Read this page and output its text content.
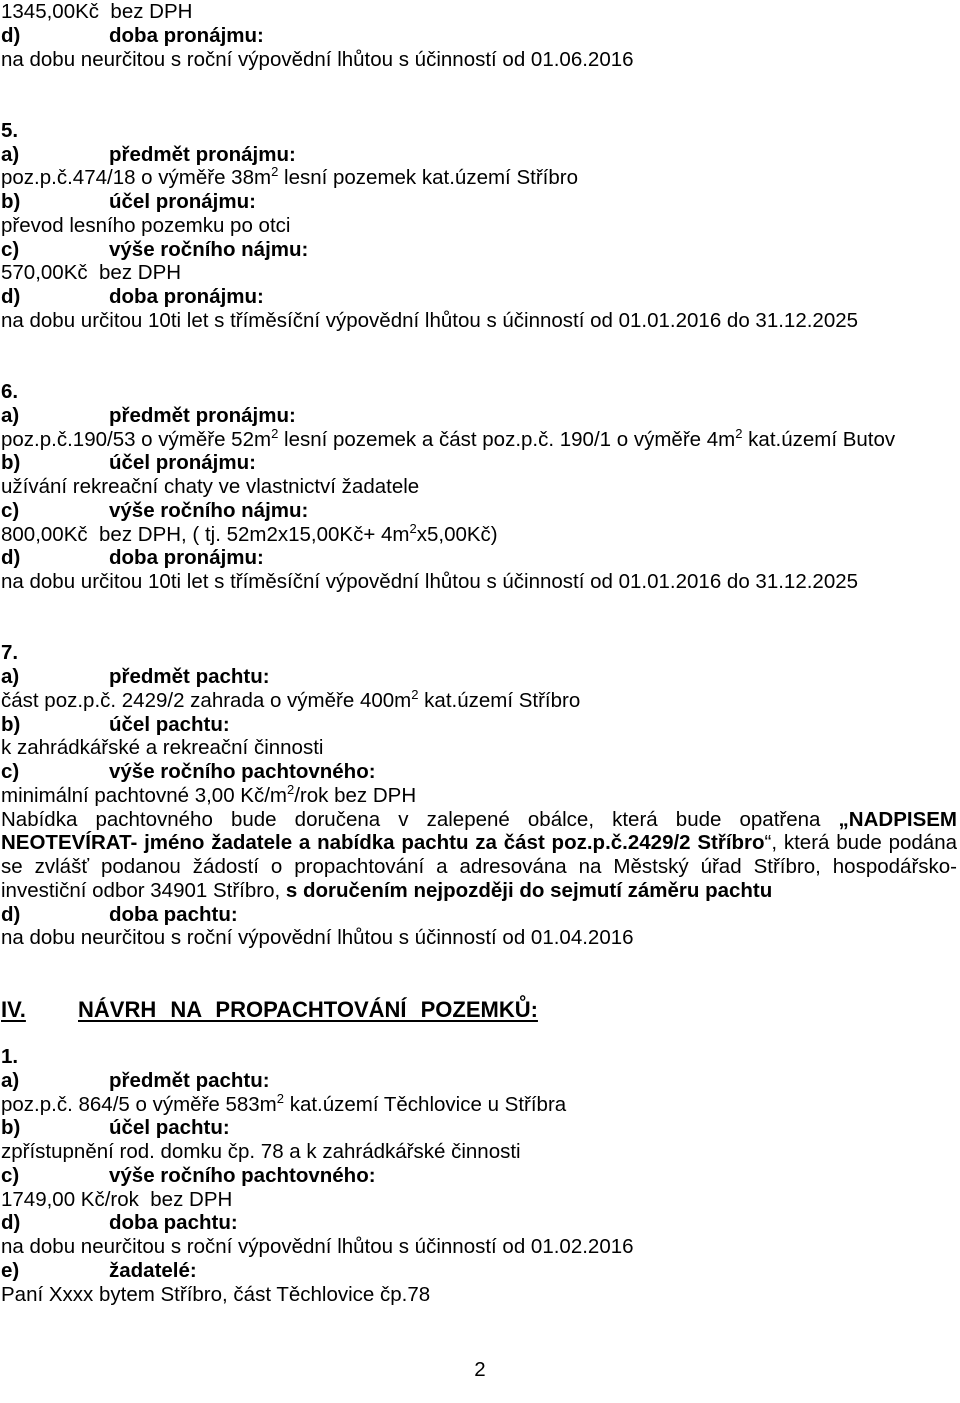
1345,00Kč  bez DPH
d)	doba pronájmu:
na dobu neurčitou s roční výpovědní lhůtou s účinností od 01.06.2016
5.
a)	předmět pronájmu:
poz.p.č.474/18 o výměře $38m^2$ lesní pozemek kat.území Stříbro
b)	účel pronájmu:
převod lesního pozemku po otci
c)	výše ročního nájmu:
570,00Kč  bez DPH
d)	doba pronájmu:
na dobu určitou 10ti let s tříměsíční výpovědní lhůtou s účinností od 01.01.2016 do 31.12.2025
6.
a)	předmět pronájmu:
poz.p.č.190/53 o výměře $52m^2$ lesní pozemek a část poz.p.č. 190/1 o výměře $4m^2$ kat.území Butov
b)	účel pronájmu:
užívání rekreační chaty ve vlastnictví žadatele
c)	výše ročního nájmu:
800,00Kč  bez DPH, ( tj. 52m2x15,00Kč+ $4m^2x5,00Kč$)
d)	doba pronájmu:
na dobu určitou 10ti let s tříměsíční výpovědní lhůtou s účinností od 01.01.2016 do 31.12.2025
7.
a)	předmět pachtu:
část poz.p.č. 2429/2 zahrada o výměře $400m^2$ kat.území Stříbro
b)	účel pachtu:
k zahrádkářské a rekreační činnosti
c)	výše ročního pachtovného:
minimální pachtovné 3,00 $Kč/m^2$/rok bez DPH
Nabídka pachtovného bude doručena v zalepené obálce, která bude opatřena „NADPISEM
NEOTEVÍRAT- jméno žadatele a nabídka pachtu za část poz.p.č.2429/2 Stříbro“, která bude podána
se zvlášť podanou žádostí o propachtování a adresována na Městský úřad Stříbro, hospodářsko-
investiční odbor 34901 Stříbro, s doručením nejpozději do sejmutí záměru pachtu
d)	doba pachtu:
na dobu neurčitou s roční výpovědní lhůtou s účinností od 01.04.2016
IV. NÁVRH NA PROPACHTOVÁNÍ POZEMKŮ:
1.
a)	předmět pachtu:
poz.p.č. 864/5 o výměře $583m^2$ kat.území Těchlovice u Stříbra
b)	účel pachtu:
zpřístupnění rod. domku čp. 78 a k zahrádkářské činnosti
c)	výše ročního pachtovného:
1749,00 Kč/rok  bez DPH
d)	doba pachtu:
na dobu neurčitou s roční výpovědní lhůtou s účinností od 01.02.2016
e)	žadatelé:
Paní Xxxx bytem Stříbro, část Těchlovice čp.78
2
